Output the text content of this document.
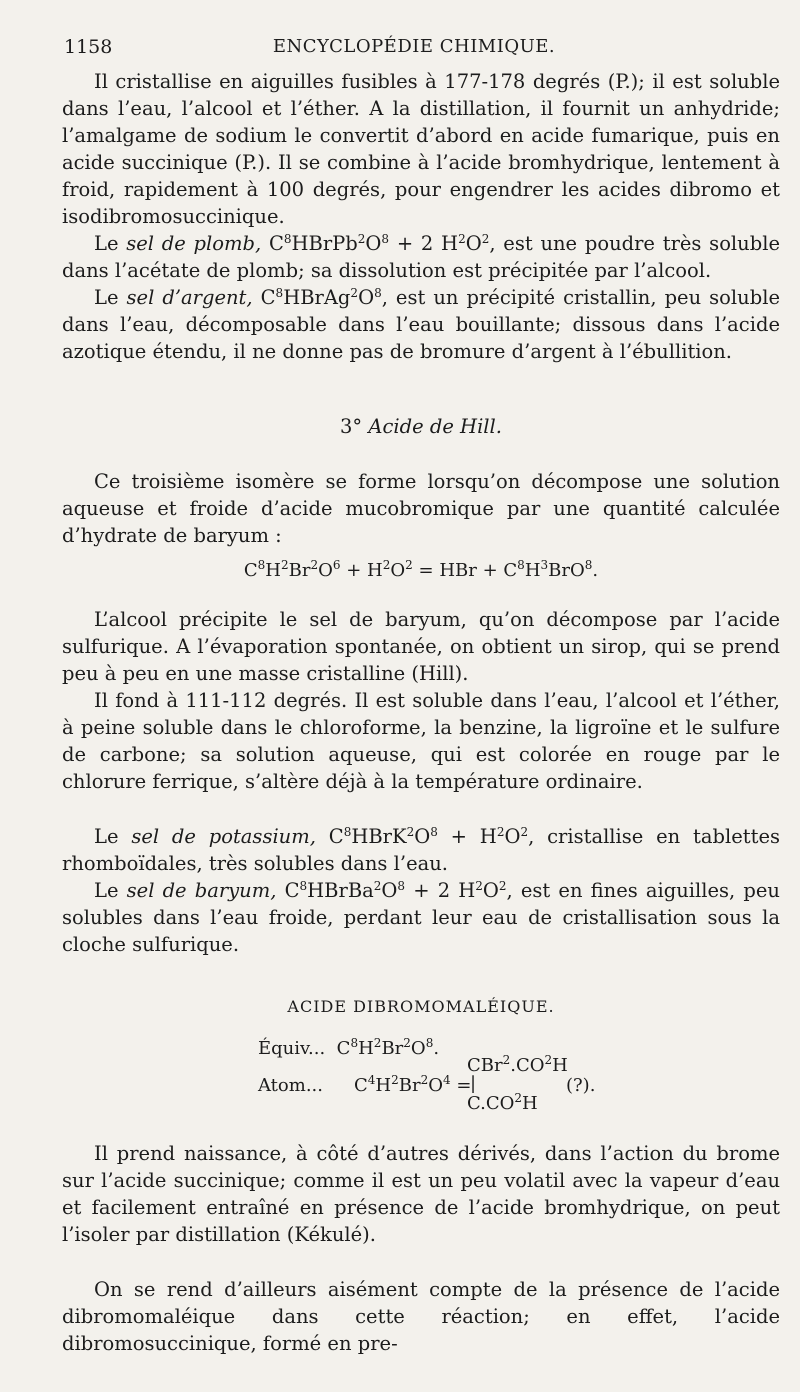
1158	ENCYCLOPÉDIE CHIMIQUE.

Il cristallise en aiguilles fusibles à 177-178 degrés (P.); il est soluble dans l’eau, l’alcool et l’éther. A la distillation, il fournit un anhydride; l’amalgame de sodium le convertit d’abord en acide fumarique, puis en acide succinique (P.). Il se combine à l’acide bromhydrique, lentement à froid, rapidement à 100 degrés, pour engendrer les acides dibromo et isodibromosuccinique.

Le sel de plomb, $C^8HBrPb^2O^8 + 2$ $H^2O^2$, est une poudre très soluble dans l’acétate de plomb; sa dissolution est précipitée par l’alcool.

Le sel d’argent, $C^8HBrAg^2O^8$, est un précipité cristallin, peu soluble dans l’eau, décomposable dans l’eau bouillante; dissous dans l’acide azotique étendu, il ne donne pas de bromure d’argent à l’ébullition.

3° Acide de Hill.

Ce troisième isomère se forme lorsqu’on décompose une solution aqueuse et froide d’acide mucobromique par une quantité calculée d’hydrate de baryum :

$C^8H^2Br^2O^6 + H^2O^2$ = HBr + $C^8H^3BrO^8$.

L’alcool précipite le sel de baryum, qu’on décompose par l’acide sulfurique. A l’évaporation spontanée, on obtient un sirop, qui se prend peu à peu en une masse cristalline (Hill).

Il fond à 111-112 degrés. Il est soluble dans l’eau, l’alcool et l’éther, à peine soluble dans le chloroforme, la benzine, la ligroïne et le sulfure de carbone; sa solution aqueuse, qui est colorée en rouge par le chlorure ferrique, s’altère déjà à la température ordinaire.

Le sel de potassium, $C^8HBrK^2O^8 + H^2O^2$, cristallise en tablettes rhomboïdales, très solubles dans l’eau.

Le sel de baryum, $C^8HBrBa^2O^8 + 2$ $H^2O^2$, est en fines aiguilles, peu solubles dans l’eau froide, perdant leur eau de cristallisation sous la cloche sulfurique.

ACIDE DIBROMOMALÉIQUE.

Équiv... $C^8H^2Br^2O^8$.

Atom... $C^4H^2Br^2O^4$ =
$CBr^2.CO^2H$
|
$C.CO^2H$
(?).

Il prend naissance, à côté d’autres dérivés, dans l’action du brome sur l’acide succinique; comme il est un peu volatil avec la vapeur d’eau et facilement entraîné en présence de l’acide bromhydrique, on peut l’isoler par distillation (Kékulé).

On se rend d’ailleurs aisément compte de la présence de l’acide dibromomaléique dans cette réaction; en effet, l’acide dibromosuccinique, formé en pre-
